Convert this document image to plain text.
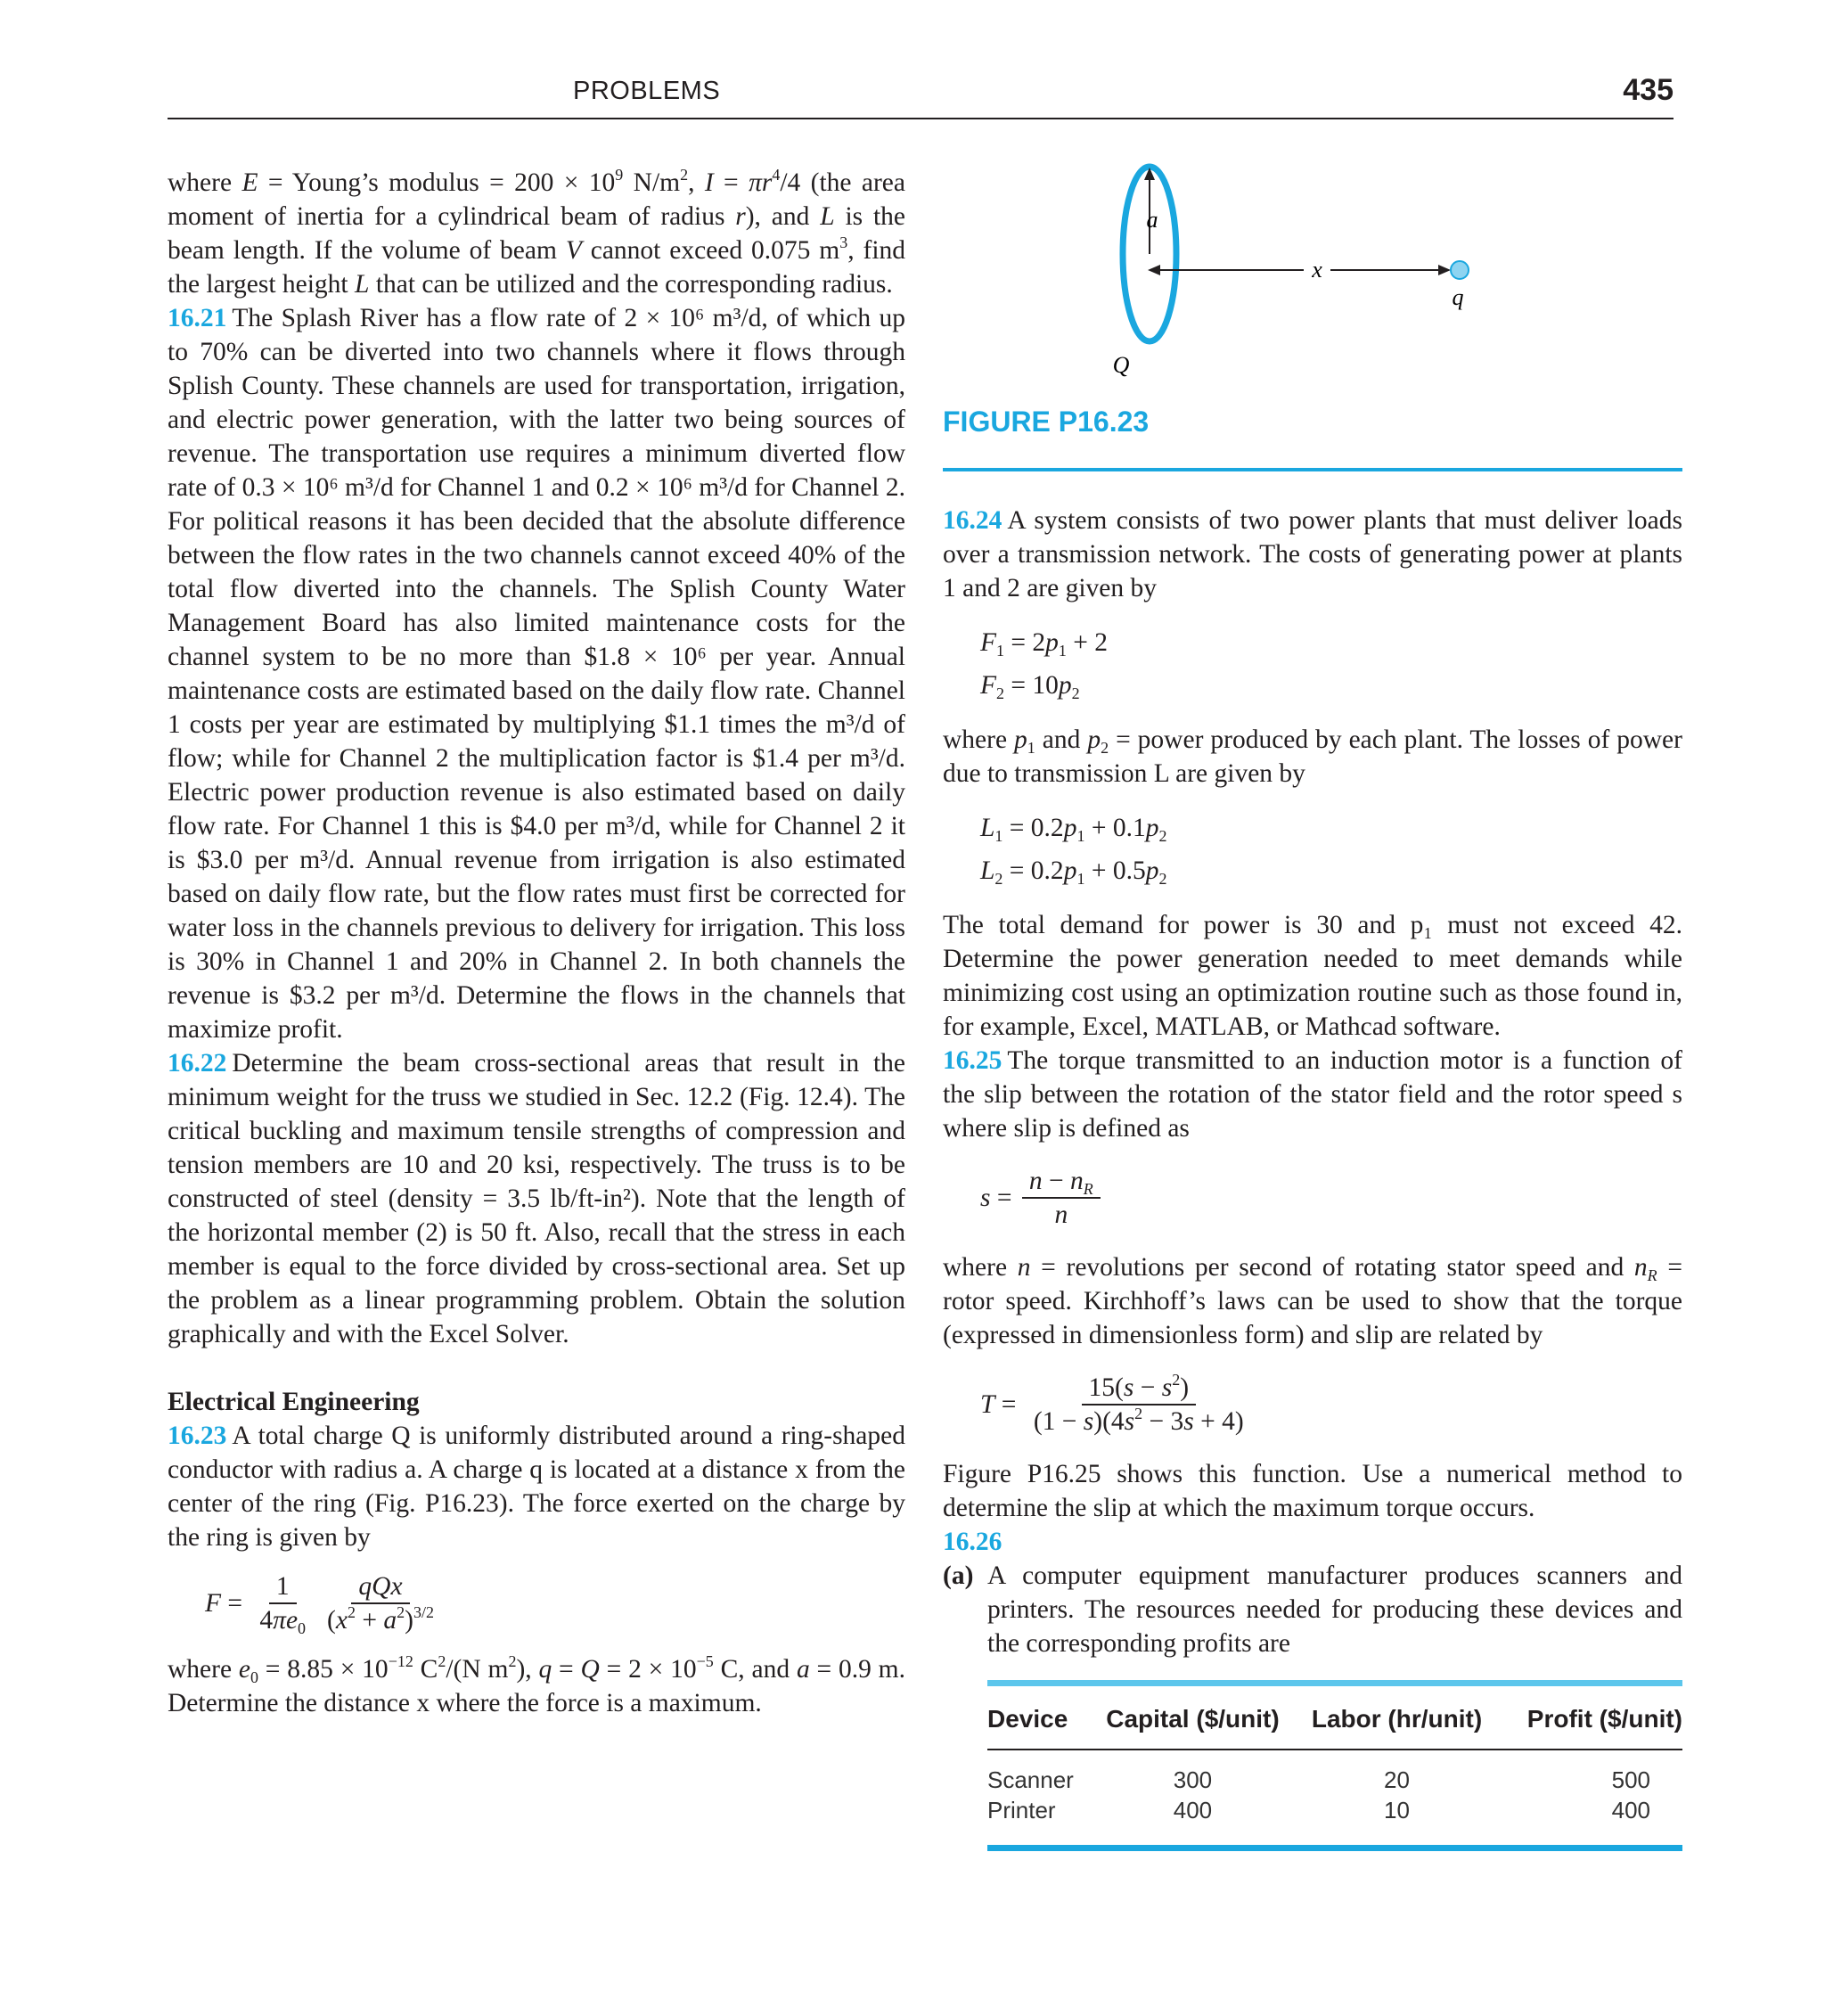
PROBLEMS	435

where E = Young’s modulus = $200 \times 10^9$ $N/m^2$, $I = \pi r^4/4$ (the area moment of inertia for a cylindrical beam of radius r), and L is the beam length. If the volume of beam V cannot exceed 0.075 $m^3$, find the largest height L that can be utilized and the corresponding radius.

16.21 The Splash River has a flow rate of 2 × 10⁶ m³/d, of which up to 70% can be diverted into two channels where it flows through Splish County. These channels are used for transportation, irrigation, and electric power generation, with the latter two being sources of revenue. The transportation use requires a minimum diverted flow rate of 0.3 × 10⁶ m³/d for Channel 1 and 0.2 × 10⁶ m³/d for Channel 2. For political reasons it has been decided that the absolute difference between the flow rates in the two channels cannot exceed 40% of the total flow diverted into the channels. The Splish County Water Management Board has also limited maintenance costs for the channel system to be no more than $1.8 × 10⁶ per year. Annual maintenance costs are estimated based on the daily flow rate. Channel 1 costs per year are estimated by multiplying $1.1 times the m³/d of flow; while for Channel 2 the multiplication factor is $1.4 per m³/d. Electric power production revenue is also estimated based on daily flow rate. For Channel 1 this is $4.0 per m³/d, while for Channel 2 it is $3.0 per m³/d. Annual revenue from irrigation is also estimated based on daily flow rate, but the flow rates must first be corrected for water loss in the channels previous to delivery for irrigation. This loss is 30% in Channel 1 and 20% in Channel 2. In both channels the revenue is $3.2 per m³/d. Determine the flows in the channels that maximize profit.

16.22 Determine the beam cross-sectional areas that result in the minimum weight for the truss we studied in Sec. 12.2 (Fig. 12.4). The critical buckling and maximum tensile strengths of compression and tension members are 10 and 20 ksi, respectively. The truss is to be constructed of steel (density = 3.5 lb/ft-in²). Note that the length of the horizontal member (2) is 50 ft. Also, recall that the stress in each member is equal to the force divided by cross-sectional area. Set up the problem as a linear programming problem. Obtain the solution graphically and with the Excel Solver.

Electrical Engineering

16.23 A total charge Q is uniformly distributed around a ring-shaped conductor with radius a. A charge q is located at a distance x from the center of the ring (Fig. P16.23). The force exerted on the charge by the ring is given by

$F = \frac{1}{4\pi e_0} \frac{\text{qQx}}{(x^2 + a^2)^{3/2}}$

where $e_0 = 8.85 \times 10^{-12}$ $C^2/(N$ $m^2$), $q = Q = 2 \times 10^{-5}$ C, and a = 0.9 m. Determine the distance x where the force is a maximum.

x
a
q
Q
FIGURE P16.23

16.24 A system consists of two power plants that must deliver loads over a transmission network. The costs of generating power at plants 1 and 2 are given by

$F_1 = 2p_1 + 2$
$F_2 = 10p_2$

where $p_1$ and $p_2$ = power produced by each plant. The losses of power due to transmission L are given by

$L_1 = 0.2p_1 + 0.1p_2$
$L_2 = 0.2p_1 + 0.5p_2$

The total demand for power is 30 and p₁ must not exceed 42. Determine the power generation needed to meet demands while minimizing cost using an optimization routine such as those found in, for example, Excel, MATLAB, or Mathcad software.

16.25 The torque transmitted to an induction motor is a function of the slip between the rotation of the stator field and the rotor speed s where slip is defined as

$s = \frac{n - n_R}{n}$

where n = revolutions per second of rotating stator speed and $n_R$ = rotor speed. Kirchhoff’s laws can be used to show that the torque (expressed in dimensionless form) and slip are related by

$T = \frac{15(s - s^2)}{(1 - s)(4s^2 - 3s + 4)}$

Figure P16.25 shows this function. Use a numerical method to determine the slip at which the maximum torque occurs.

16.26

(a) A computer equipment manufacturer produces scanners and printers. The resources needed for producing these devices and the corresponding profits are
Device	Capital ($/unit)	Labor (hr/unit)	Profit ($/unit)
Scanner	300	20	500
Printer	400	10	400
